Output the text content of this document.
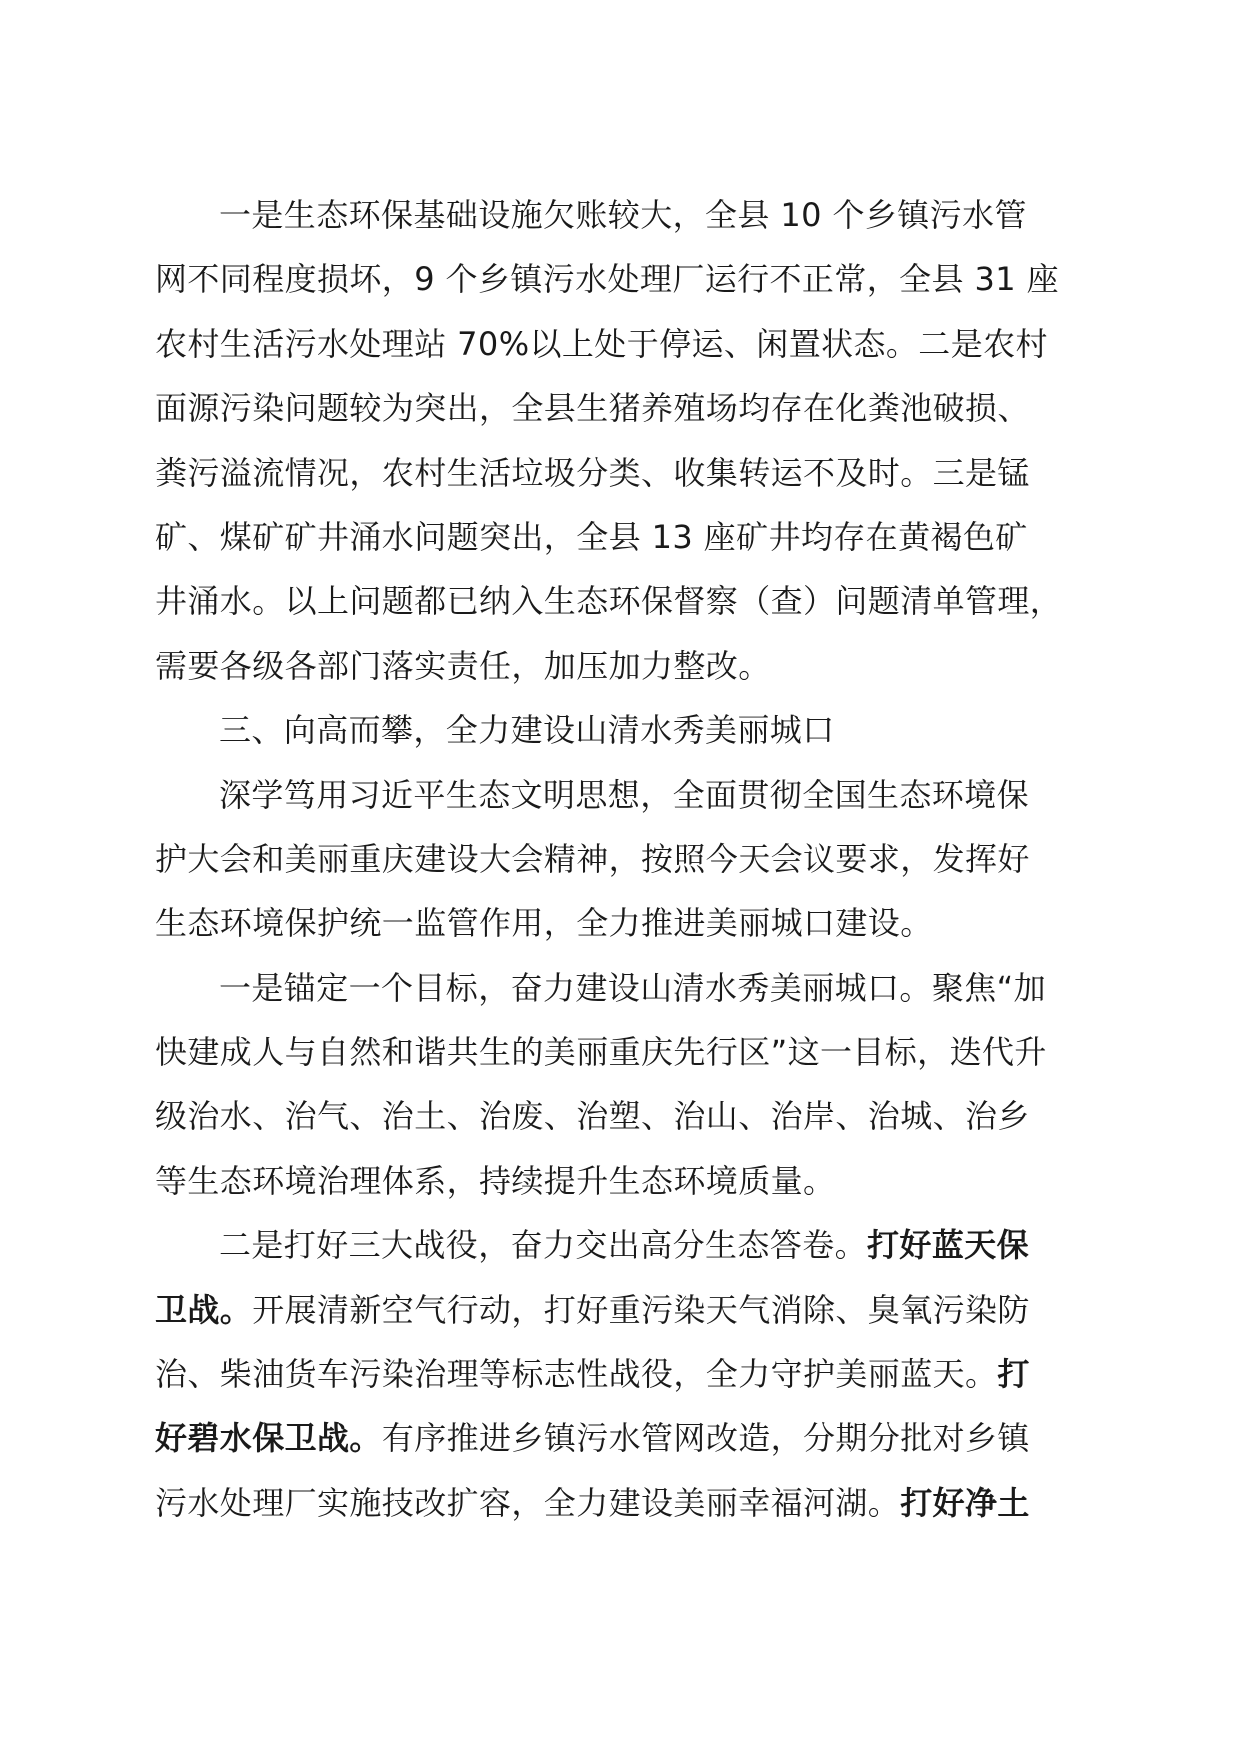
一是生态环保基础设施欠账较大，全县 10 个乡镇污水管
网不同程度损坏，9 个乡镇污水处理厂运行不正常，全县 31 座
农村生活污水处理站 70%以上处于停运、闲置状态。二是农村
面源污染问题较为突出，全县生猪养殖场均存在化粪池破损、
粪污溢流情况，农村生活垃圾分类、收集转运不及时。三是锰
矿、煤矿矿井涌水问题突出，全县 13 座矿井均存在黄褐色矿
井涌水。以上问题都已纳入生态环保督察（查）问题清单管理，
需要各级各部门落实责任，加压加力整改。
三、向高而攀，全力建设山清水秀美丽城口
深学笃用习近平生态文明思想，全面贯彻全国生态环境保
护大会和美丽重庆建设大会精神，按照今天会议要求，发挥好
生态环境保护统一监管作用，全力推进美丽城口建设。
一是锚定一个目标，奋力建设山清水秀美丽城口。聚焦“加
快建成人与自然和谐共生的美丽重庆先行区”这一目标，迭代升
级治水、治气、治土、治废、治塑、治山、治岸、治城、治乡
等生态环境治理体系，持续提升生态环境质量。
二是打好三大战役，奋力交出高分生态答卷。打好蓝天保
卫战。开展清新空气行动，打好重污染天气消除、臭氧污染防
治、柴油货车污染治理等标志性战役，全力守护美丽蓝天。打
好碧水保卫战。有序推进乡镇污水管网改造，分期分批对乡镇
污水处理厂实施技改扩容，全力建设美丽幸福河湖。打好净土
